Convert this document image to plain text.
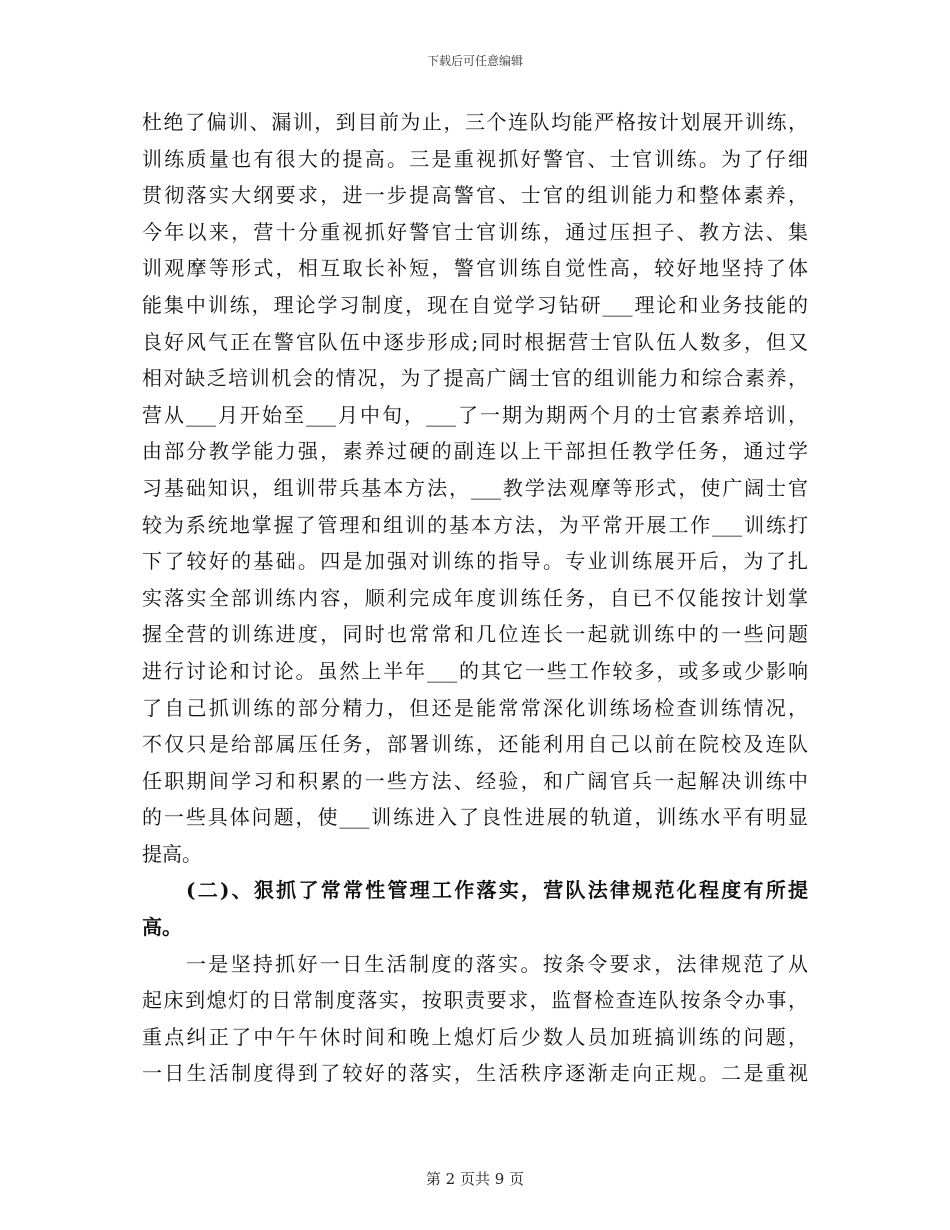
下载后可任意编辑
杜绝了偏训、漏训，到目前为止，三个连队均能严格按计划展开训练，
训练质量也有很大的提高。三是重视抓好警官、士官训练。为了仔细
贯彻落实大纲要求，进一步提高警官、士官的组训能力和整体素养，
今年以来，营十分重视抓好警官士官训练，通过压担子、教方法、集
训观摩等形式，相互取长补短，警官训练自觉性高，较好地坚持了体
能集中训练，理论学习制度，现在自觉学习钻研___理论和业务技能的
良好风气正在警官队伍中逐步形成;同时根据营士官队伍人数多，但又
相对缺乏培训机会的情况，为了提高广阔士官的组训能力和综合素养，
营从___月开始至___月中旬，___了一期为期两个月的士官素养培训，
由部分教学能力强，素养过硬的副连以上干部担任教学任务，通过学
习基础知识，组训带兵基本方法，___教学法观摩等形式，使广阔士官
较为系统地掌握了管理和组训的基本方法，为平常开展工作___训练打
下了较好的基础。四是加强对训练的指导。专业训练展开后，为了扎
实落实全部训练内容，顺利完成年度训练任务，自已不仅能按计划掌
握全营的训练进度，同时也常常和几位连长一起就训练中的一些问题
进行讨论和讨论。虽然上半年___的其它一些工作较多，或多或少影响
了自己抓训练的部分精力，但还是能常常深化训练场检查训练情况，
不仅只是给部属压任务，部署训练，还能利用自己以前在院校及连队
任职期间学习和积累的一些方法、经验，和广阔官兵一起解决训练中
的一些具体问题，使___训练进入了良性进展的轨道，训练水平有明显
提高。
(二)、狠抓了常常性管理工作落实，营队法律规范化程度有所提
高。
一是坚持抓好一日生活制度的落实。按条令要求，法律规范了从
起床到熄灯的日常制度落实，按职责要求，监督检查连队按条令办事，
重点纠正了中午午休时间和晚上熄灯后少数人员加班搞训练的问题，
一日生活制度得到了较好的落实，生活秩序逐渐走向正规。二是重视
第 2 页共 9 页
